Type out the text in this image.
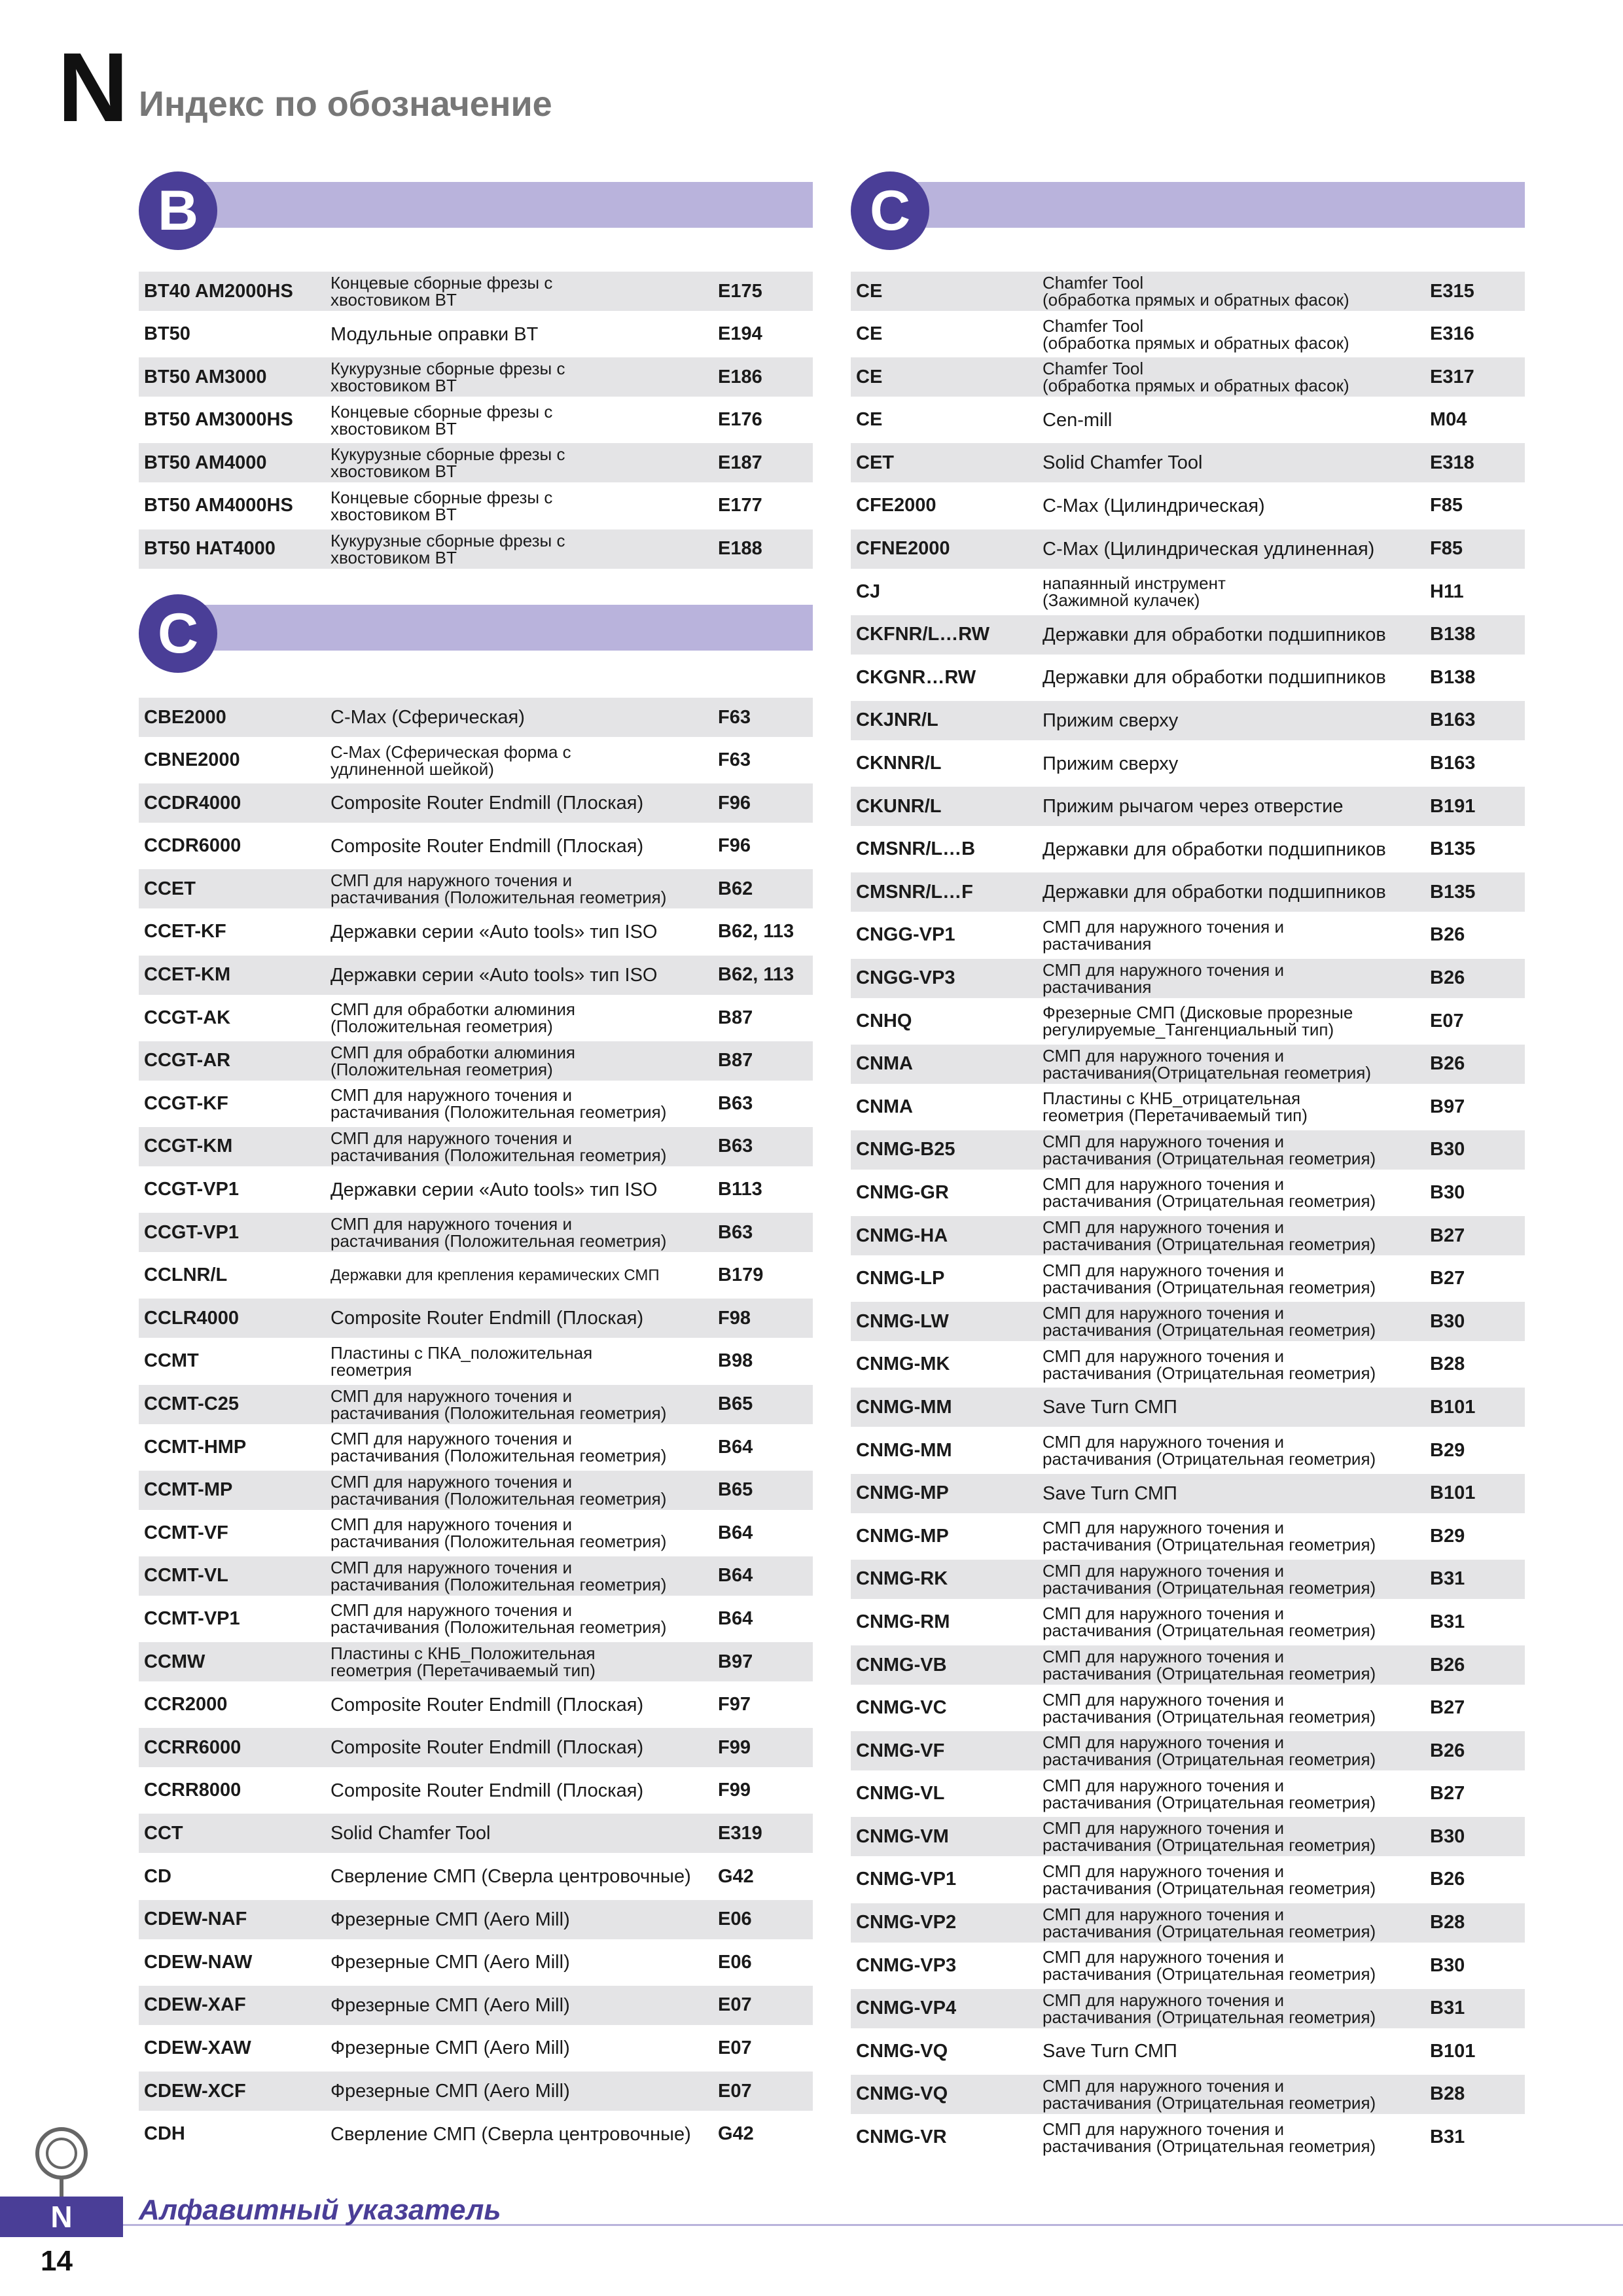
N Индекс по обозначение
B
BT40 AM2000HS	Концевые сборные фрезы с
хвостовиком BT	E175
BT50	Модульные оправки BT	E194
BT50 AM3000	Кукурузные сборные фрезы с
хвостовиком BT	E186
BT50 AM3000HS	Концевые сборные фрезы с
хвостовиком BT	E176
BT50 AM4000	Кукурузные сборные фрезы с
хвостовиком BT	E187
BT50 AM4000HS	Концевые сборные фрезы с
хвостовиком BT	E177
BT50 HAT4000	Кукурузные сборные фрезы с
хвостовиком BT	E188
C
CBE2000	C-Max (Сферическая)	F63
CBNE2000	C-Max (Сферическая форма с
удлиненной шейкой)	F63
CCDR4000	Composite Router Endmill (Плоская)	F96
CCDR6000	Composite Router Endmill (Плоская)	F96
CCET	СМП для наружного точения и
растачивания (Положительная геометрия)	B62
CCET-KF	Державки серии «Auto tools» тип ISO	B62, 113
CCET-KM	Державки серии «Auto tools» тип ISO	B62, 113
CCGT-AK	СМП для обработки алюминия
(Положительная геометрия)	B87
CCGT-AR	СМП для обработки алюминия
(Положительная геометрия)	B87
CCGT-KF	СМП для наружного точения и
растачивания (Положительная геометрия)	B63
CCGT-KM	СМП для наружного точения и
растачивания (Положительная геометрия)	B63
CCGT-VP1	Державки серии «Auto tools» тип ISO	B113
CCGT-VP1	СМП для наружного точения и
растачивания (Положительная геометрия)	B63
CCLNR/L	Державки для крепления керамических СМП	B179
CCLR4000	Composite Router Endmill (Плоская)	F98
CCMT	Пластины с ПКА_положительная
геометрия	B98
CCMT-C25	СМП для наружного точения и
растачивания (Положительная геометрия)	B65
CCMT-HMP	СМП для наружного точения и
растачивания (Положительная геометрия)	B64
CCMT-MP	СМП для наружного точения и
растачивания (Положительная геометрия)	B65
CCMT-VF	СМП для наружного точения и
растачивания (Положительная геометрия)	B64
CCMT-VL	СМП для наружного точения и
растачивания (Положительная геометрия)	B64
CCMT-VP1	СМП для наружного точения и
растачивания (Положительная геометрия)	B64
CCMW	Пластины с КНБ_Положительная
геометрия (Перетачиваемый тип)	B97
CCR2000	Composite Router Endmill (Плоская)	F97
CCRR6000	Composite Router Endmill (Плоская)	F99
CCRR8000	Composite Router Endmill (Плоская)	F99
CCT	Solid Chamfer Tool	E319
CD	Сверление СМП (Сверла центровочные)	G42
CDEW-NAF	Фрезерные СМП (Aero Mill)	E06
CDEW-NAW	Фрезерные СМП (Aero Mill)	E06
CDEW-XAF	Фрезерные СМП (Aero Mill)	E07
CDEW-XAW	Фрезерные СМП (Aero Mill)	E07
CDEW-XCF	Фрезерные СМП (Aero Mill)	E07
CDH	Сверление СМП (Сверла центровочные)	G42
C
CE	Chamfer Tool
(обработка прямых и обратных фасок)	E315
CE	Chamfer Tool
(обработка прямых и обратных фасок)	E316
CE	Chamfer Tool
(обработка прямых и обратных фасок)	E317
CE	Cen-mill	M04
CET	Solid Chamfer Tool	E318
CFE2000	C-Max (Цилиндрическая)	F85
CFNE2000	C-Max (Цилиндрическая удлиненная)	F85
CJ	напаянный инструмент
(Зажимной кулачек)	H11
CKFNR/L…RW	Державки для обработки подшипников	B138
CKGNR…RW	Державки для обработки подшипников	B138
CKJNR/L	Прижим сверху	B163
CKNNR/L	Прижим сверху	B163
CKUNR/L	Прижим рычагом через отверстие	B191
CMSNR/L…B	Державки для обработки подшипников	B135
CMSNR/L…F	Державки для обработки подшипников	B135
CNGG-VP1	СМП для наружного точения и
растачивания	B26
CNGG-VP3	СМП для наружного точения и
растачивания	B26
CNHQ	Фрезерные СМП (Дисковые прорезные
регулируемые_Тангенциальный тип)	E07
CNMA	СМП для наружного точения и
растачивания(Отрицательная геометрия)	B26
CNMA	Пластины с КНБ_отрицательная
геометрия (Перетачиваемый тип)	B97
CNMG-B25	СМП для наружного точения и
растачивания (Отрицательная геометрия)	B30
CNMG-GR	СМП для наружного точения и
растачивания (Отрицательная геометрия)	B30
CNMG-HA	СМП для наружного точения и
растачивания (Отрицательная геометрия)	B27
CNMG-LP	СМП для наружного точения и
растачивания (Отрицательная геометрия)	B27
CNMG-LW	СМП для наружного точения и
растачивания (Отрицательная геометрия)	B30
CNMG-MK	СМП для наружного точения и
растачивания (Отрицательная геометрия)	B28
CNMG-MM	Save Turn СМП	B101
CNMG-MM	СМП для наружного точения и
растачивания (Отрицательная геометрия)	B29
CNMG-MP	Save Turn СМП	B101
CNMG-MP	СМП для наружного точения и
растачивания (Отрицательная геометрия)	B29
CNMG-RK	СМП для наружного точения и
растачивания (Отрицательная геометрия)	B31
CNMG-RM	СМП для наружного точения и
растачивания (Отрицательная геометрия)	B31
CNMG-VB	СМП для наружного точения и
растачивания (Отрицательная геометрия)	B26
CNMG-VC	СМП для наружного точения и
растачивания (Отрицательная геометрия)	B27
CNMG-VF	СМП для наружного точения и
растачивания (Отрицательная геометрия)	B26
CNMG-VL	СМП для наружного точения и
растачивания (Отрицательная геометрия)	B27
CNMG-VM	СМП для наружного точения и
растачивания (Отрицательная геометрия)	B30
CNMG-VP1	СМП для наружного точения и
растачивания (Отрицательная геометрия)	B26
CNMG-VP2	СМП для наружного точения и
растачивания (Отрицательная геометрия)	B28
CNMG-VP3	СМП для наружного точения и
растачивания (Отрицательная геометрия)	B30
CNMG-VP4	СМП для наружного точения и
растачивания (Отрицательная геометрия)	B31
CNMG-VQ	Save Turn СМП	B101
CNMG-VQ	СМП для наружного точения и
растачивания (Отрицательная геометрия)	B28
CNMG-VR	СМП для наружного точения и
растачивания (Отрицательная геометрия)	B31
N	Алфавитный указатель
14
